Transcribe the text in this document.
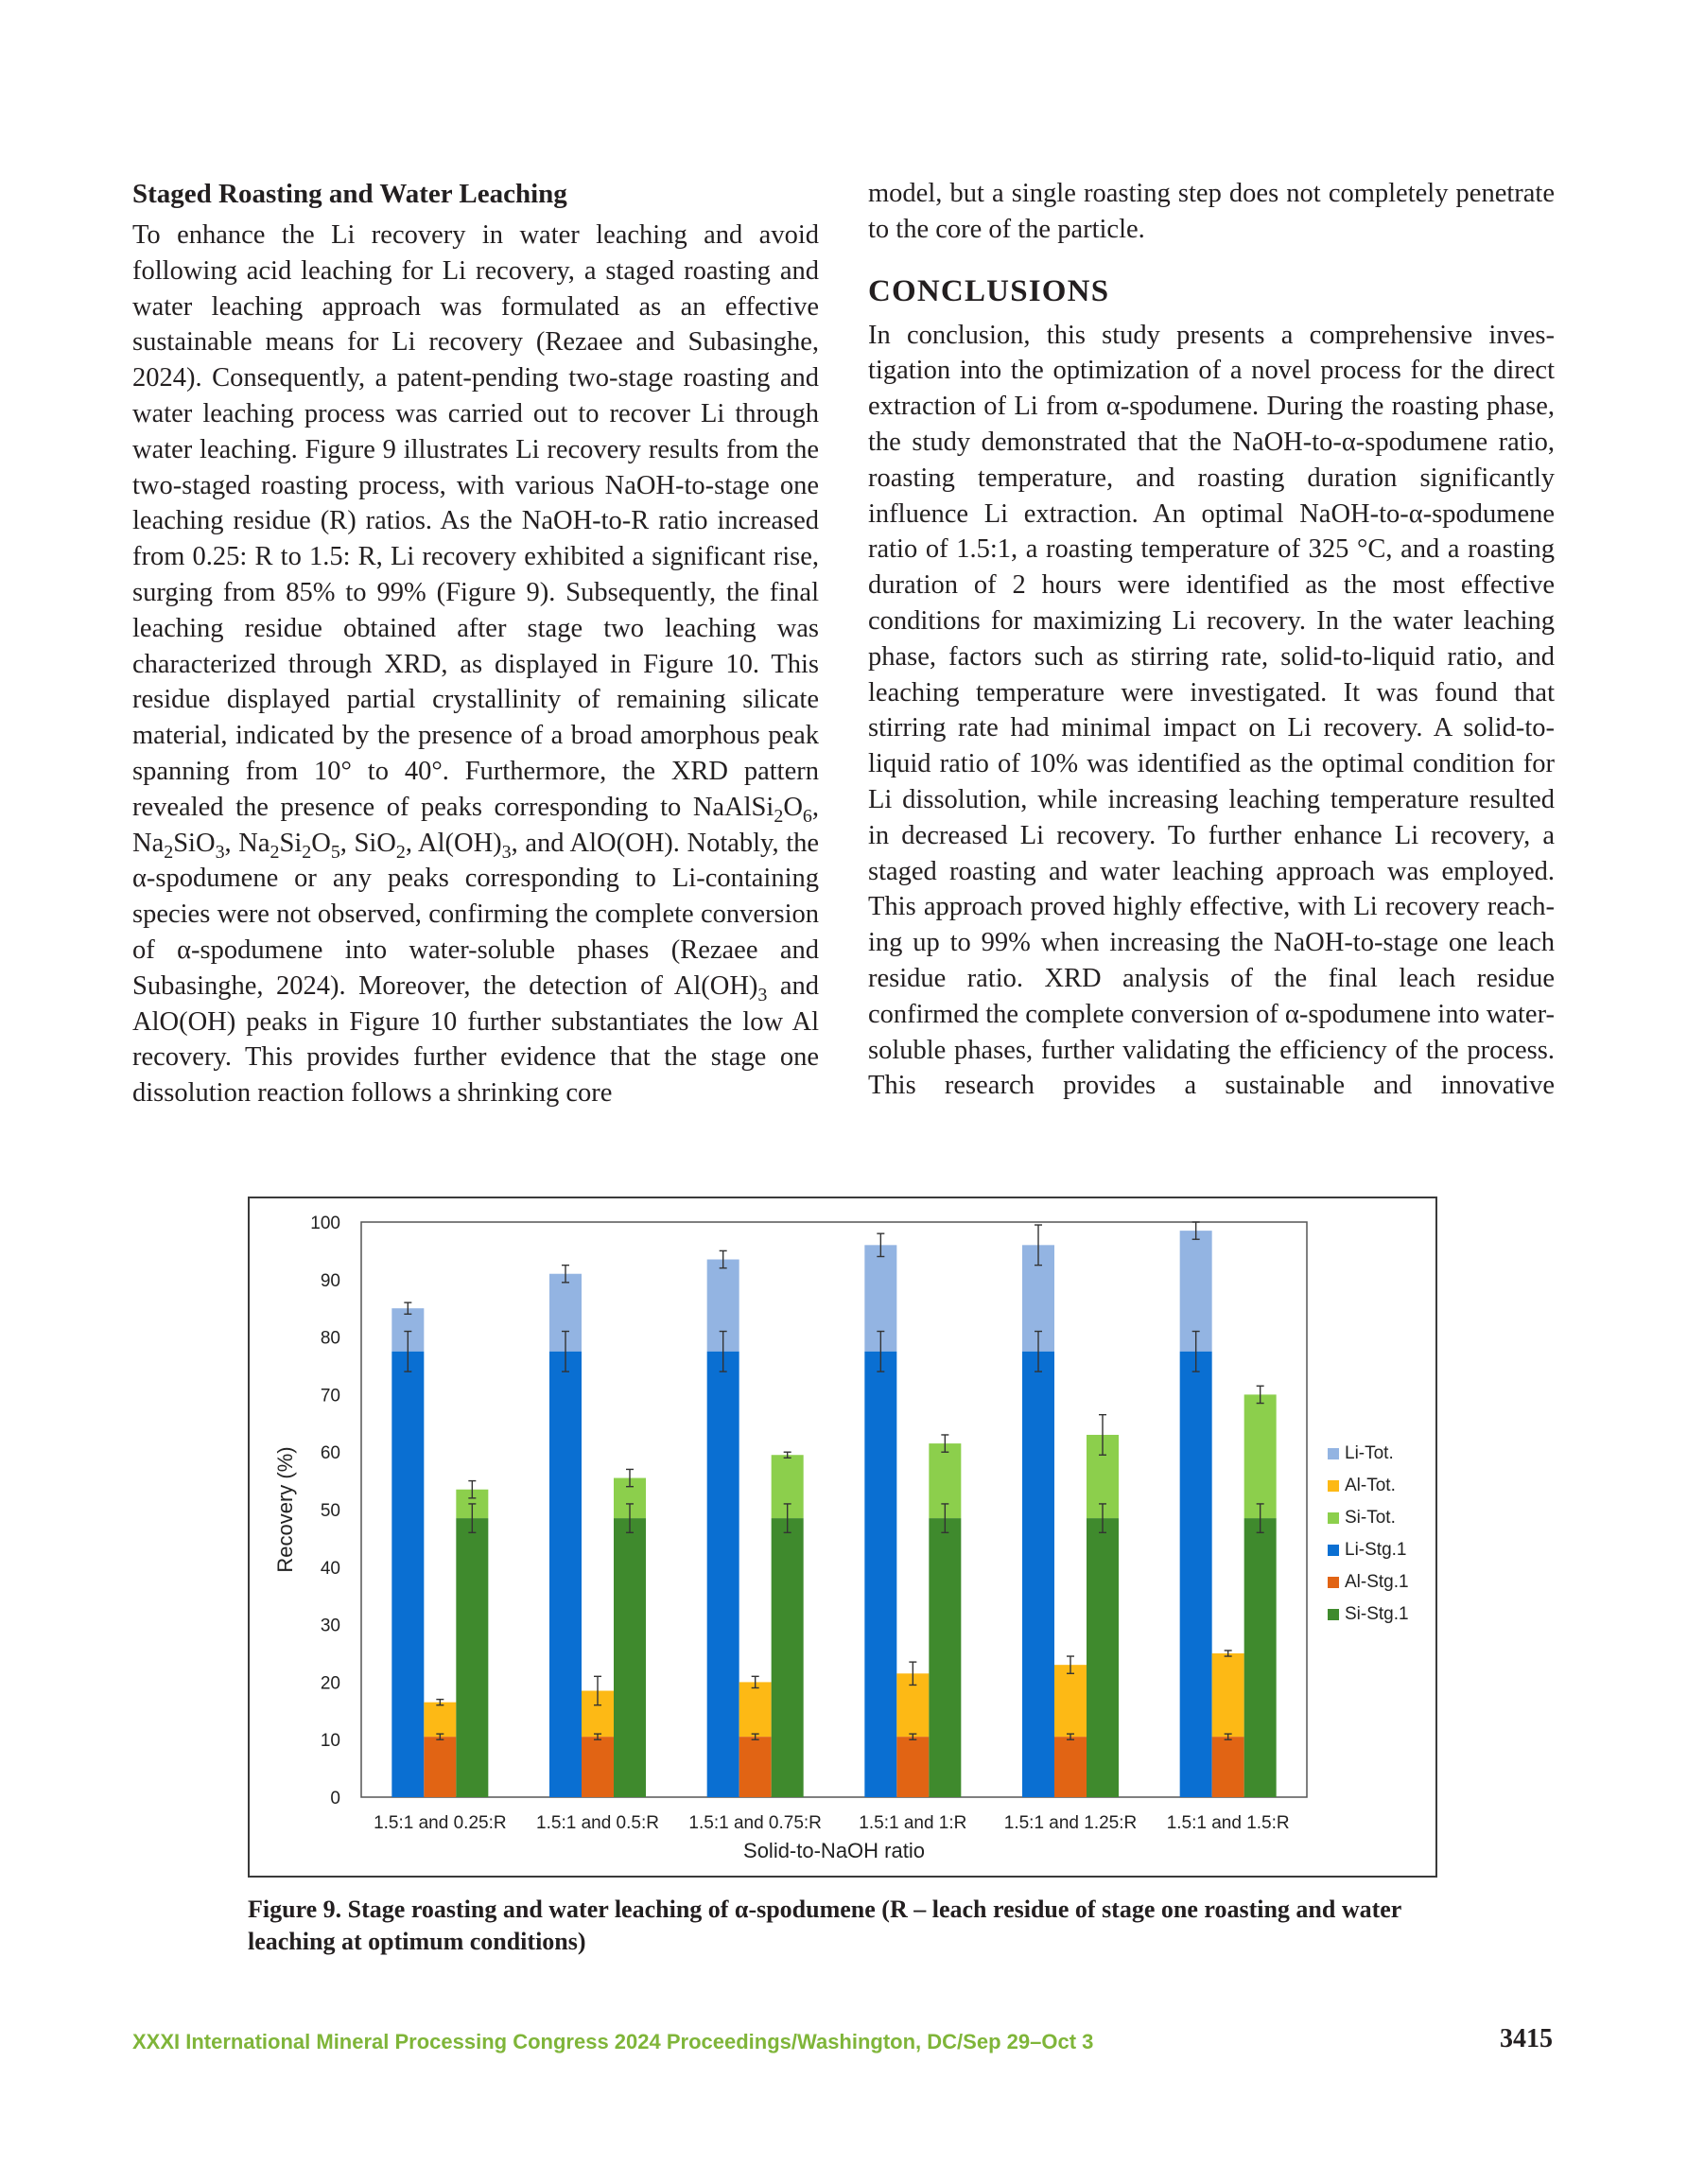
Staged Roasting and Water Leaching

To enhance the Li recovery in water leaching and avoid following acid leaching for Li recovery, a staged roasting and water leaching approach was formulated as an effective sustainable means for Li recovery (Rezaee and Subasinghe, 2024). Consequently, a patent-pending two-stage roasting and water leaching process was carried out to recover Li through water leaching. Figure 9 illustrates Li recovery results from the two-staged roasting process, with various NaOH-to-stage one leaching residue (R) ratios. As the NaOH-to-R ratio increased from 0.25: R to 1.5: R, Li recovery exhibited a significant rise, surging from 85% to 99% (Figure 9). Subsequently, the final leaching residue obtained after stage two leaching was characterized through XRD, as displayed in Figure 10. This residue displayed partial crystallinity of remaining silicate material, indicated by the presence of a broad amorphous peak spanning from 10° to 40°. Furthermore, the XRD pattern revealed the presence of peaks corresponding to $NaAlSi_2O_6$, $Na_2SiO_3$, $Na_2Si_2O_5$, SiO$_2$, $Al(OH)_3$, and AlO(OH). Notably, the α-spodumene or any peaks corresponding to Li-containing species were not observed, confirming the complete conversion of α-spodumene into water-soluble phases (Rezaee and Subasinghe, 2024). Moreover, the detection of $Al(OH)_3$ and AlO(OH) peaks in Figure 10 further substantiates the low Al recovery. This provides further evidence that the stage one dissolution reaction follows a shrinking core

model, but a single roasting step does not completely penetrate to the core of the particle.

CONCLUSIONS

In conclusion, this study presents a comprehensive investigation into the optimization of a novel process for the direct extraction of Li from α-spodumene. During the roasting phase, the study demonstrated that the NaOH-to-α-spodumene ratio, roasting temperature, and roasting duration significantly influence Li extraction. An optimal NaOH-to-α-spodumene ratio of 1.5:1, a roasting temperature of 325 °C, and a roasting duration of 2 hours were identified as the most effective conditions for maximizing Li recovery. In the water leaching phase, factors such as stirring rate, solid-to-liquid ratio, and leaching temperature were investigated. It was found that stirring rate had minimal impact on Li recovery. A solid-to-liquid ratio of 10% was identified as the optimal condition for Li dissolution, while increasing leaching temperature resulted in decreased Li recovery. To further enhance Li recovery, a staged roasting and water leaching approach was employed. This approach proved highly effective, with Li recovery reaching up to 99% when increasing the NaOH-to-stage one leach residue ratio. XRD analysis of the final leach residue confirmed the complete conversion of α-spodumene into water-soluble phases, further validating the efficiency of the process. This research provides a sustainable and innovative

0
10
20
30
40
50
60
70
80
90
100
1.5:1 and 0.25:R 1.5:1 and 0.5:R 1.5:1 and 0.75:R 1.5:1 and 1:R 1.5:1 and 1.25:R 1.5:1 and 1.5:R
Li-Tot.
Al-Tot.
Si-Tot.
Li-Stg.1
Al-Stg.1
Si-Stg.1
Recovery (%)
Solid-to-NaOH ratio
Figure 9. Stage roasting and water leaching of α-spodumene (R – leach residue of stage one roasting and water leaching at optimum conditions)
XXXI International Mineral Processing Congress 2024 Proceedings/Washington, DC/Sep 29–Oct 3	3415
